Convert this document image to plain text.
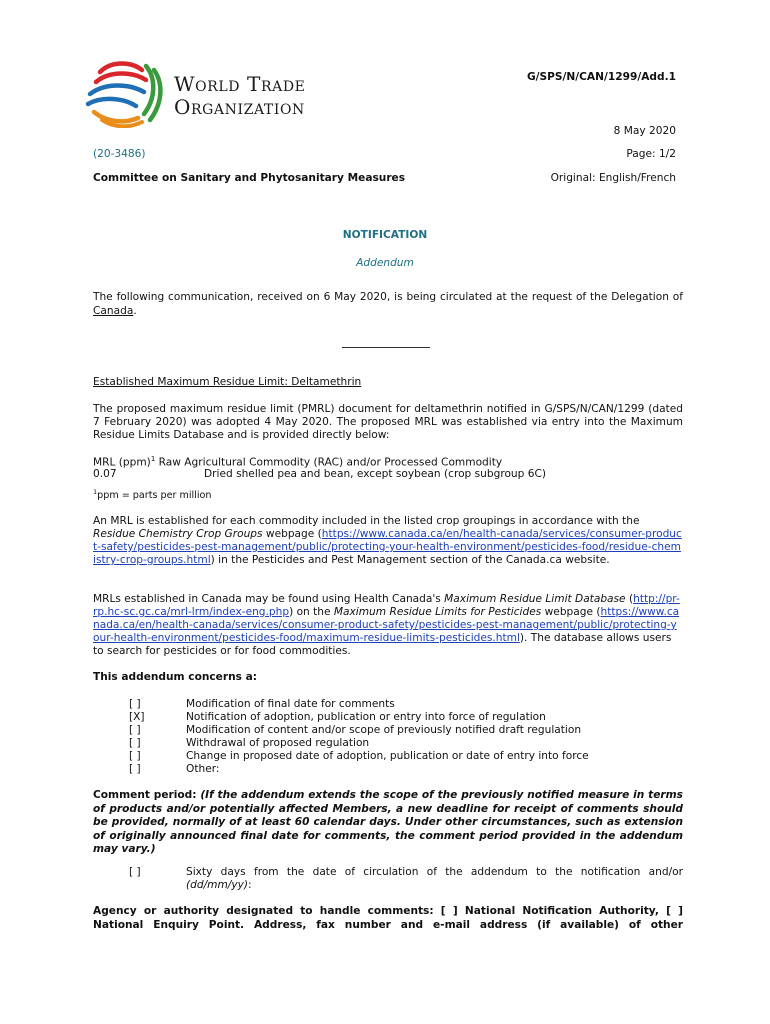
World Trade
Organization
G/SPS/N/CAN/1299/Add.1
8 May 2020
(20-3486)	Page: 1/2
Committee on Sanitary and Phytosanitary Measures	Original: English/French
NOTIFICATION
Addendum
The following communication, received on 6 May 2020, is being circulated at the request of the Delegation of Canada.
Established Maximum Residue Limit: Deltamethrin
The proposed maximum residue limit (PMRL) document for deltamethrin notified in G/SPS/N/CAN/1299 (dated 7 February 2020) was adopted 4 May 2020. The proposed MRL was established via entry into the Maximum Residue Limits Database and is provided directly below:
MRL (ppm)$^1$ Raw Agricultural Commodity (RAC) and/or Processed Commodity
0.07	Dried shelled pea and bean, except soybean (crop subgroup 6C)
$^1$ppm = parts per million
An MRL is established for each commodity included in the listed crop groupings in accordance with the Residue Chemistry Crop Groups webpage (https://www.canada.ca/en/health-canada/services/consumer-product-safety/pesticides-pest-management/public/protecting-your-health-environment/pesticides-food/residue-chemistry-crop-groups.html) in the Pesticides and Pest Management section of the Canada.ca website.
MRLs established in Canada may be found using Health Canada's Maximum Residue Limit Database (http://pr-rp.hc-sc.gc.ca/mrl-lrm/index-eng.php) on the Maximum Residue Limits for Pesticides webpage (https://www.canada.ca/en/health-canada/services/consumer-product-safety/pesticides-pest-management/public/protecting-your-health-environment/pesticides-food/maximum-residue-limits-pesticides.html). The database allows users to search for pesticides or for food commodities.
This addendum concerns a:
[ ]	Modification of final date for comments
[X]	Notification of adoption, publication or entry into force of regulation
[ ]	Modification of content and/or scope of previously notified draft regulation
[ ]	Withdrawal of proposed regulation
[ ]	Change in proposed date of adoption, publication or date of entry into force
[ ]	Other:
Comment period: (If the addendum extends the scope of the previously notified measure in terms of products and/or potentially affected Members, a new deadline for receipt of comments should be provided, normally of at least 60 calendar days. Under other circumstances, such as extension of originally announced final date for comments, the comment period provided in the addendum may vary.)
[ ]	Sixty days from the date of circulation of the addendum to the notification and/or (dd/mm/yy):
Agency or authority designated to handle comments: [ ] National Notification Authority, [ ] National Enquiry Point. Address, fax number and e-mail address (if available) of other
